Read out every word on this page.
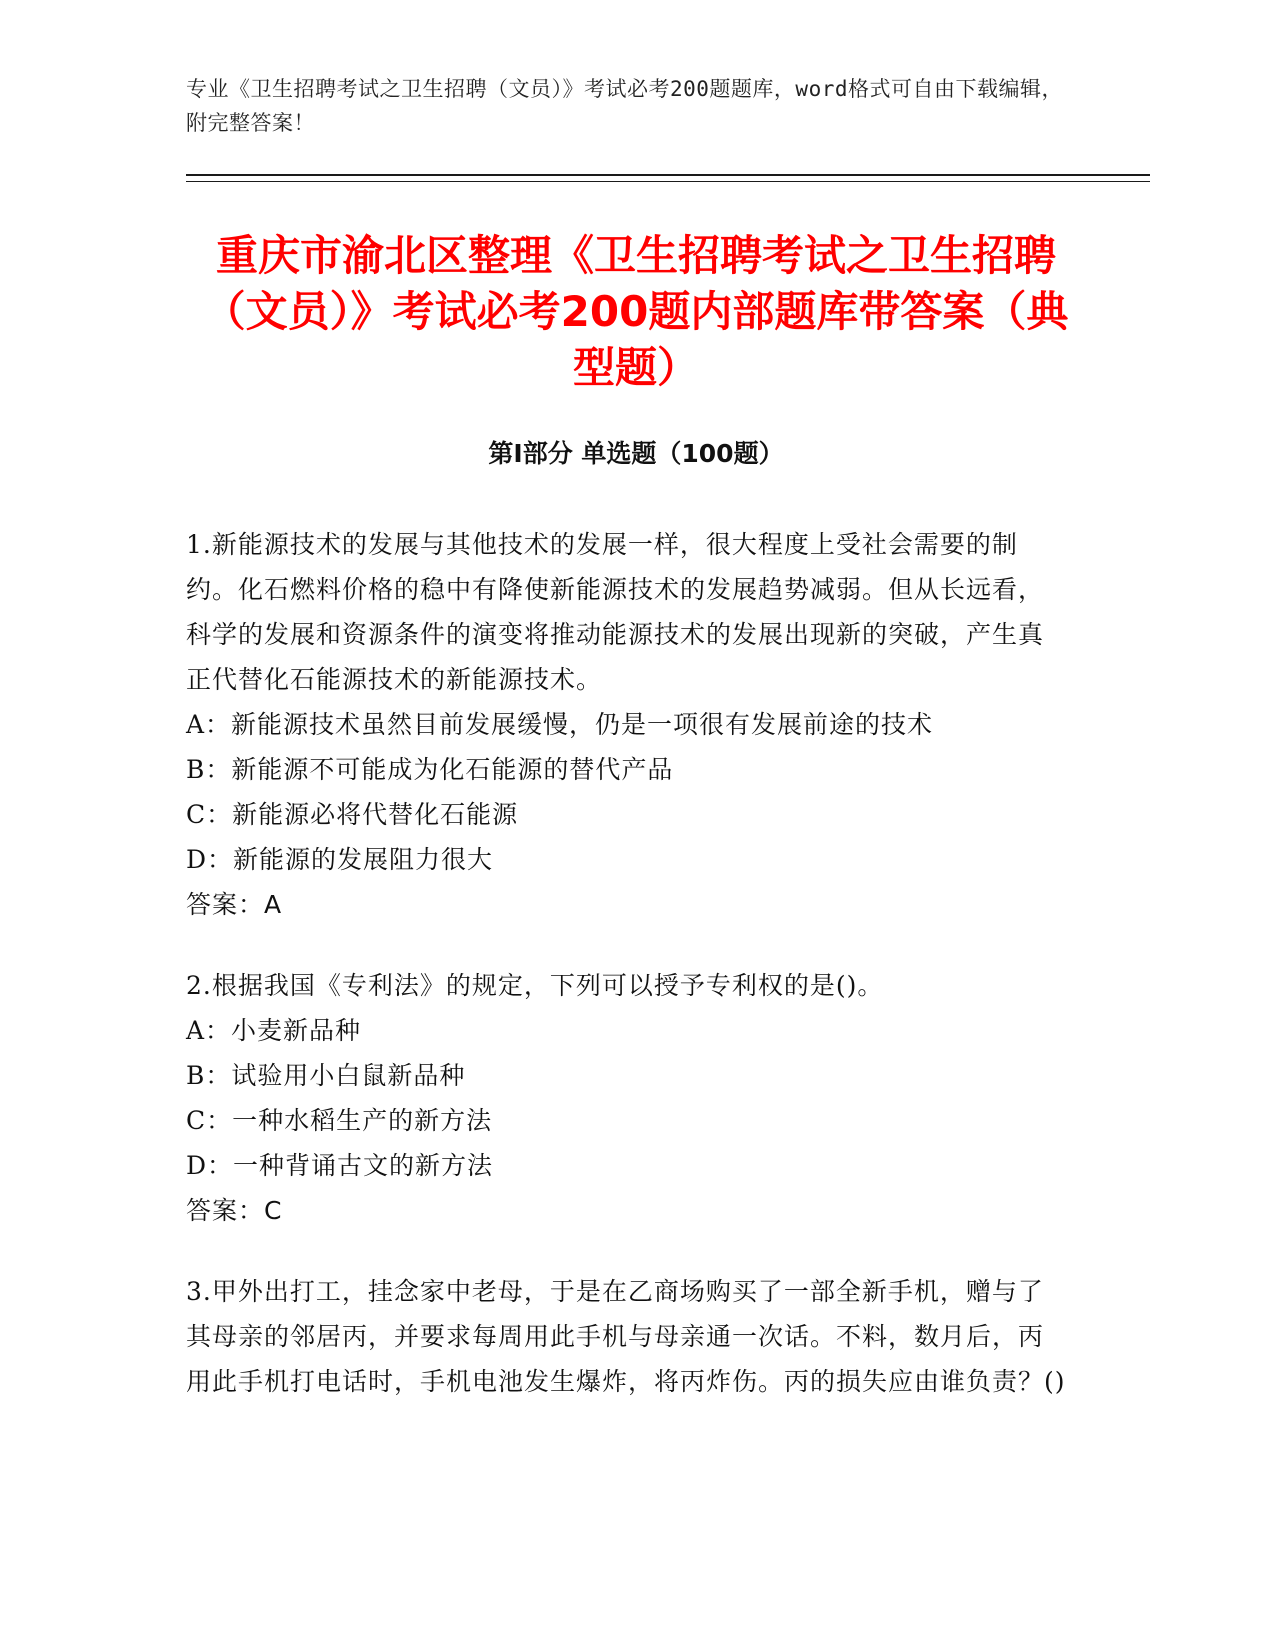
专业《卫生招聘考试之卫生招聘（文员）》考试必考200题题库，word格式可自由下载编辑，附完整答案！
重庆市渝北区整理《卫生招聘考试之卫生招聘（文员）》考试必考200题内部题库带答案（典型题）
第I部分 单选题（100题）

1.新能源技术的发展与其他技术的发展一样，很大程度上受社会需要的制约。化石燃料价格的稳中有降使新能源技术的发展趋势减弱。但从长远看，科学的发展和资源条件的演变将推动能源技术的发展出现新的突破，产生真正代替化石能源技术的新能源技术。

A：新能源技术虽然目前发展缓慢，仍是一项很有发展前途的技术

B：新能源不可能成为化石能源的替代产品

C：新能源必将代替化石能源

D：新能源的发展阻力很大

答案：A

2.根据我国《专利法》的规定，下列可以授予专利权的是()。

A：小麦新品种

B：试验用小白鼠新品种

C：一种水稻生产的新方法

D：一种背诵古文的新方法

答案：C

3.甲外出打工，挂念家中老母，于是在乙商场购买了一部全新手机，赠与了其母亲的邻居丙，并要求每周用此手机与母亲通一次话。不料，数月后，丙用此手机打电话时，手机电池发生爆炸，将丙炸伤。丙的损失应由谁负责？()
